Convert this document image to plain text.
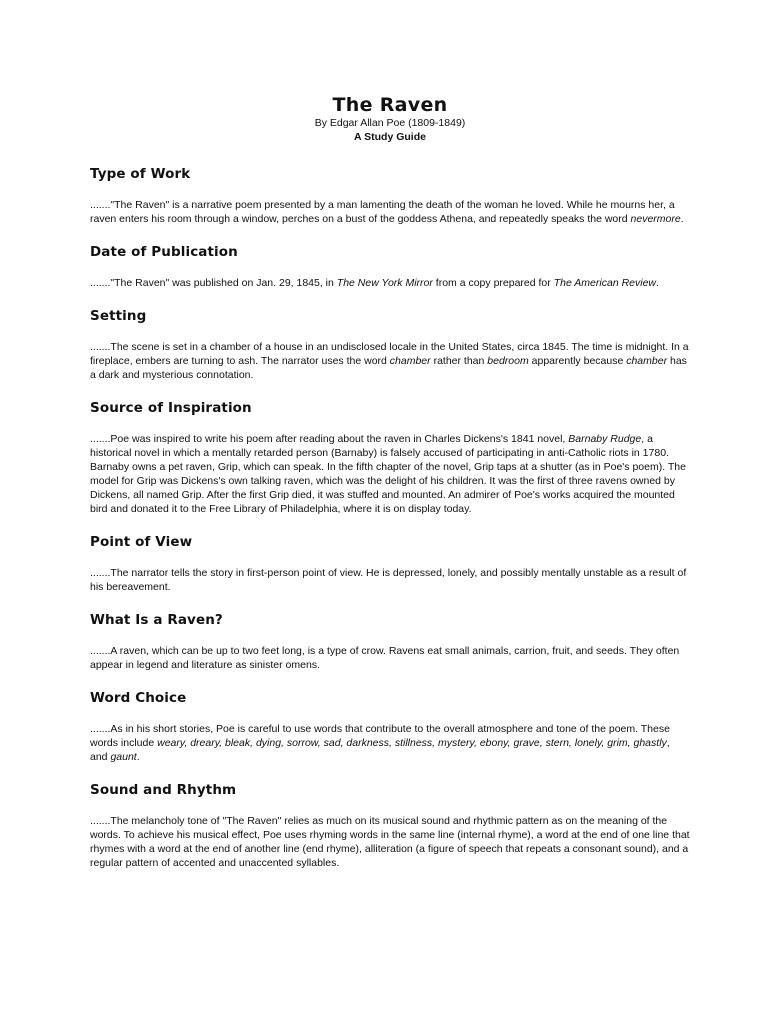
The Raven
By Edgar Allan Poe (1809-1849)
A Study Guide
Type of Work

......."The Raven" is a narrative poem presented by a man lamenting the death of the woman he loved. While he mourns her, a raven enters his room through a window, perches on a bust of the goddess Athena, and repeatedly speaks the word nevermore.

Date of Publication

......."The Raven" was published on Jan. 29, 1845, in The New York Mirror from a copy prepared for The American Review.

Setting

.......The scene is set in a chamber of a house in an undisclosed locale in the United States, circa 1845. The time is midnight. In a fireplace, embers are turning to ash. The narrator uses the word chamber rather than bedroom apparently because chamber has a dark and mysterious connotation.

Source of Inspiration

.......Poe was inspired to write his poem after reading about the raven in Charles Dickens's 1841 novel, Barnaby Rudge, a historical novel in which a mentally retarded person (Barnaby) is falsely accused of participating in anti-Catholic riots in 1780. Barnaby owns a pet raven, Grip, which can speak. In the fifth chapter of the novel, Grip taps at a shutter (as in Poe's poem). The model for Grip was Dickens's own talking raven, which was the delight of his children. It was the first of three ravens owned by Dickens, all named Grip. After the first Grip died, it was stuffed and mounted. An admirer of Poe's works acquired the mounted bird and donated it to the Free Library of Philadelphia, where it is on display today.

Point of View

.......The narrator tells the story in first-person point of view. He is depressed, lonely, and possibly mentally unstable as a result of his bereavement.

What Is a Raven?

.......A raven, which can be up to two feet long, is a type of crow. Ravens eat small animals, carrion, fruit, and seeds. They often appear in legend and literature as sinister omens.

Word Choice

.......As in his short stories, Poe is careful to use words that contribute to the overall atmosphere and tone of the poem. These words include weary, dreary, bleak, dying, sorrow, sad, darkness, stillness, mystery, ebony, grave, stern, lonely, grim, ghastly, and gaunt.

Sound and Rhythm

.......The melancholy tone of "The Raven" relies as much on its musical sound and rhythmic pattern as on the meaning of the words. To achieve his musical effect, Poe uses rhyming words in the same line (internal rhyme), a word at the end of one line that rhymes with a word at the end of another line (end rhyme), alliteration (a figure of speech that repeats a consonant sound), and a regular pattern of accented and unaccented syllables.
